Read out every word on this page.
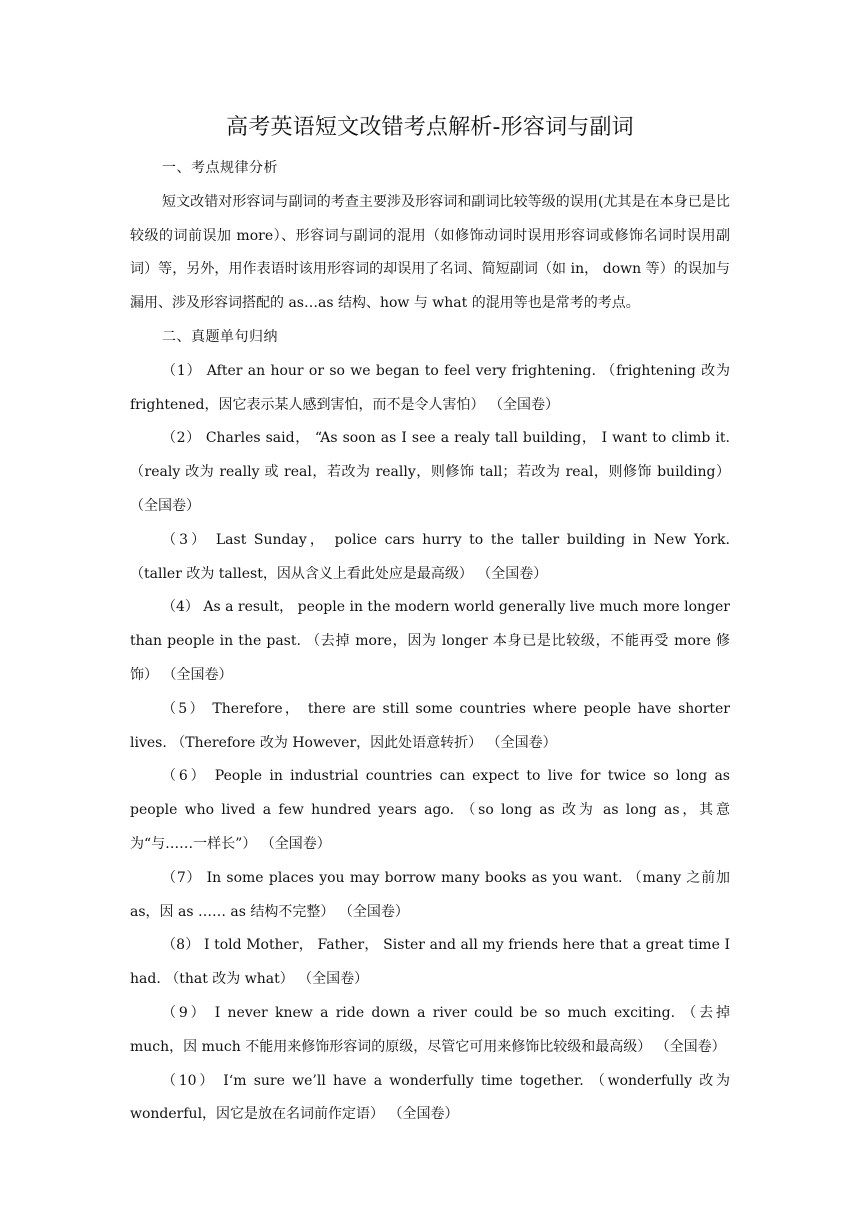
高考英语短文改错考点解析-形容词与副词

一、考点规律分析

短文改错对形容词与副词的考查主要涉及形容词和副词比较等级的误用(尤其是在本身已是比较级的词前误加 more）、形容词与副词的混用（如修饰动词时误用形容词或修饰名词时误用副词）等，另外，用作表语时该用形容词的却误用了名词、简短副词（如 in， down 等）的误加与漏用、涉及形容词搭配的 as…as 结构、how 与 what 的混用等也是常考的考点。

二、真题单句归纳

（1） After an hour or so we began to feel very frightening. （frightening 改为 frightened，因它表示某人感到害怕，而不是令人害怕） （全国卷）

（2） Charles said， “As soon as I see a realy tall building， I want to climb it. （realy 改为 really 或 real，若改为 really，则修饰 tall；若改为 real，则修饰 building） （全国卷）

（3） Last Sunday， police cars hurry to the taller building in New York. （taller 改为 tallest，因从含义上看此处应是最高级） （全国卷）

（4） As a result， people in the modern world generally live much more longer than people in the past. （去掉 more，因为 longer 本身已是比较级，不能再受 more 修饰） （全国卷）

（5） Therefore， there are still some countries where people have shorter lives. （Therefore 改为 However，因此处语意转折） （全国卷）

（6） People in industrial countries can expect to live for twice so long as people who lived a few hundred years ago. （so long as 改为 as long as，其意为“与……一样长”） （全国卷）

（7） In some places you may borrow many books as you want. （many 之前加 as，因 as …… as 结构不完整） （全国卷）

（8） I told Mother， Father， Sister and all my friends here that a great time I had. （that 改为 what） （全国卷）

（9） I never knew a ride down a river could be so much exciting. （去掉 much，因 much 不能用来修饰形容词的原级，尽管它可用来修饰比较级和最高级） （全国卷）

（10） I‘m sure we’ll have a wonderfully time together. （wonderfully 改为 wonderful，因它是放在名词前作定语） （全国卷）
